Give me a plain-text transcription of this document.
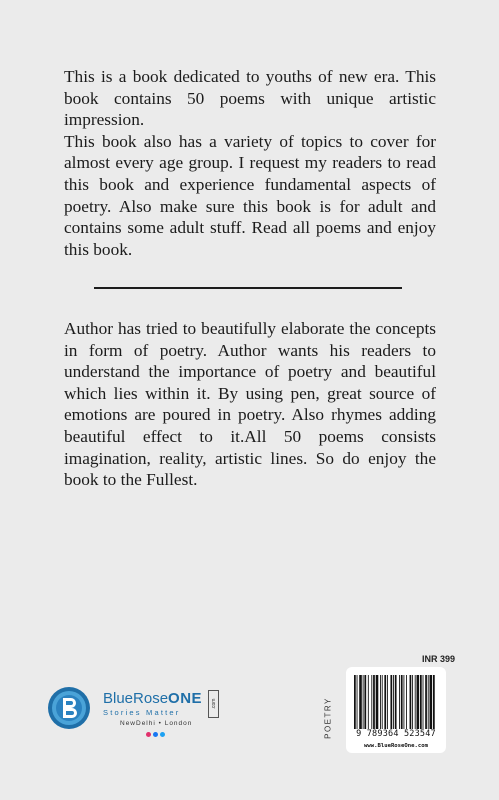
This is a book dedicated to youths of new era. This book contains 50 poems with unique artistic impression.

This book also has a variety of topics to cover for almost every age group. I request my readers to read this book and experience fundamental aspects of poetry. Also make sure this book is for adult and contains some adult stuff. Read all poems and enjoy this book.

Author has tried to beautifully elaborate the concepts in form of poetry. Author wants his readers to understand the importance of poetry and beautiful which lies within it. By using pen, great source of emotions are poured in poetry. Also rhymes adding beautiful effect to it.All 50 poems consists imagination, reality, artistic lines. So do enjoy the book to the Fullest.

BlueRoseONE .com
Stories Matter
NewDelhi • London
INR 399
POETRY	9 789364 523547
www.BlueRoseOne.com
